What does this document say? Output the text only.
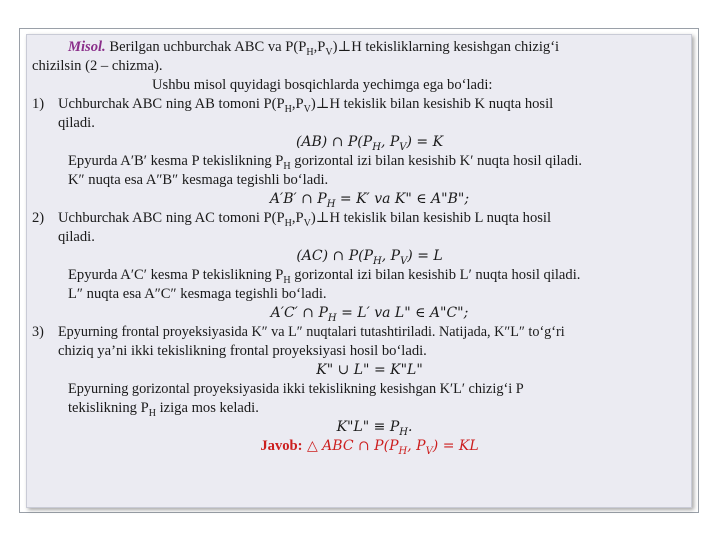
Misol. Berilgan uchburchak ABC va $P(P_H,P_V)\perp H$ tekisliklarning kesishgan chizig‘i
chizilsin (2 – chizma).
Ushbu misol quyidagi bosqichlarda yechimga ega bo‘ladi:
1) Uchburchak ABC ning AB tomoni $P(P_H,P_V)\perp H$ tekislik bilan kesishib K nuqta hosil
qiladi.
(AB) ∩ $P(P_H$, $P_V) = K$
Epyurda A′B′ kesma P tekislikning $P_H$ gorizontal izi bilan kesishib K′ nuqta hosil qiladi.
K″ nuqta esa A″B″ kesmaga tegishli bo‘ladi.
A′B′ ∩ $P_H = K'$ va K" ∈ A"B";
2) Uchburchak ABC ning AC tomoni $P(P_H,P_V)\perp H$ tekislik bilan kesishib L nuqta hosil
qiladi.
(AC) ∩ $P(P_H$, $P_V) = L$
Epyurda A′C′ kesma P tekislikning $P_H$ gorizontal izi bilan kesishib L′ nuqta hosil qiladi.
L″ nuqta esa A″C″ kesmaga tegishli bo‘ladi.
A′C′ ∩ $P_H = L'$ va L" ∈ A"C";
3) Epyurning frontal proyeksiyasida K″ va L″ nuqtalari tutashtiriladi. Natijada, K″L″ to‘g‘ri
chiziq ya’ni ikki tekislikning frontal proyeksiyasi hosil bo‘ladi.
K" ∪ L" = K"L"
Epyurning gorizontal proyeksiyasida ikki tekislikning kesishgan K′L′ chizig‘i P
tekislikning $P_H$ iziga mos keladi.
K"L" ≡ $P_H$.
Javob: △ ABC ∩ $P(P_H$, $P_V$) = KL
